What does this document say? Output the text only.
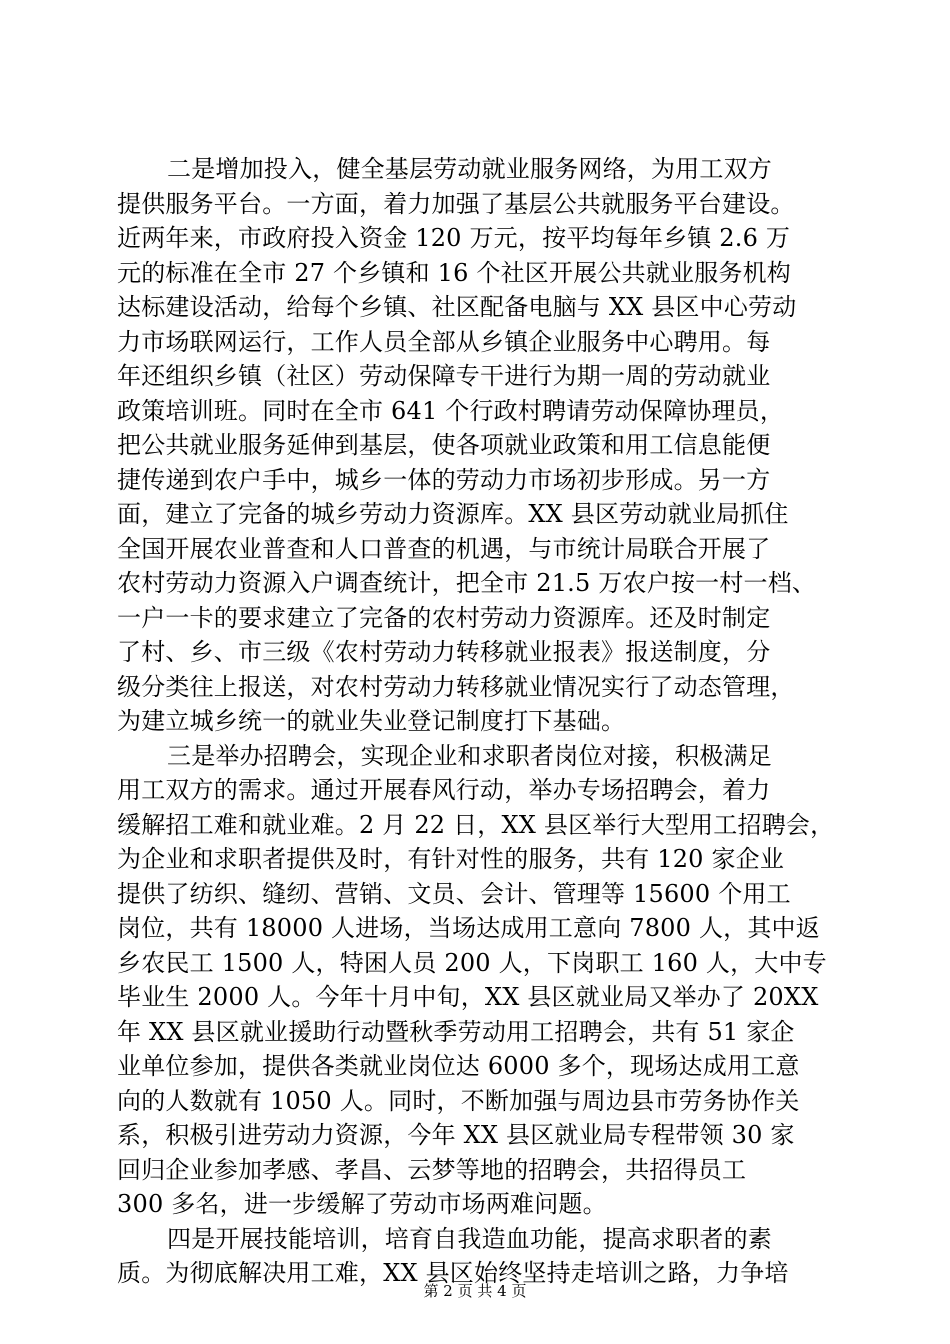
二是增加投入，健全基层劳动就业服务网络，为用工双方
提供服务平台。一方面，着力加强了基层公共就服务平台建设。
近两年来，市政府投入资金 120 万元，按平均每年乡镇 2.6 万
元的标准在全市 27 个乡镇和 16 个社区开展公共就业服务机构
达标建设活动，给每个乡镇、社区配备电脑与 XX 县区中心劳动
力市场联网运行，工作人员全部从乡镇企业服务中心聘用。每
年还组织乡镇（社区）劳动保障专干进行为期一周的劳动就业
政策培训班。同时在全市 641 个行政村聘请劳动保障协理员，
把公共就业服务延伸到基层，使各项就业政策和用工信息能便
捷传递到农户手中，城乡一体的劳动力市场初步形成。另一方
面，建立了完备的城乡劳动力资源库。XX 县区劳动就业局抓住
全国开展农业普查和人口普查的机遇，与市统计局联合开展了
农村劳动力资源入户调查统计，把全市 21.5 万农户按一村一档、
一户一卡的要求建立了完备的农村劳动力资源库。还及时制定
了村、乡、市三级《农村劳动力转移就业报表》报送制度，分
级分类往上报送，对农村劳动力转移就业情况实行了动态管理，
为建立城乡统一的就业失业登记制度打下基础。
三是举办招聘会，实现企业和求职者岗位对接，积极满足
用工双方的需求。通过开展春风行动，举办专场招聘会，着力
缓解招工难和就业难。2 月 22 日，XX 县区举行大型用工招聘会，
为企业和求职者提供及时，有针对性的服务，共有 120 家企业
提供了纺织、缝纫、营销、文员、会计、管理等 15600 个用工
岗位，共有 18000 人进场，当场达成用工意向 7800 人，其中返
乡农民工 1500 人，特困人员 200 人，下岗职工 160 人，大中专
毕业生 2000 人。今年十月中旬，XX 县区就业局又举办了 20XX
年 XX 县区就业援助行动暨秋季劳动用工招聘会，共有 51 家企
业单位参加，提供各类就业岗位达 6000 多个，现场达成用工意
向的人数就有 1050 人。同时，不断加强与周边县市劳务协作关
系，积极引进劳动力资源，今年 XX 县区就业局专程带领 30 家
回归企业参加孝感、孝昌、云梦等地的招聘会，共招得员工
300 多名，进一步缓解了劳动市场两难问题。
四是开展技能培训，培育自我造血功能，提高求职者的素
质。为彻底解决用工难，XX 县区始终坚持走培训之路，力争培
第 2 页 共 4 页
